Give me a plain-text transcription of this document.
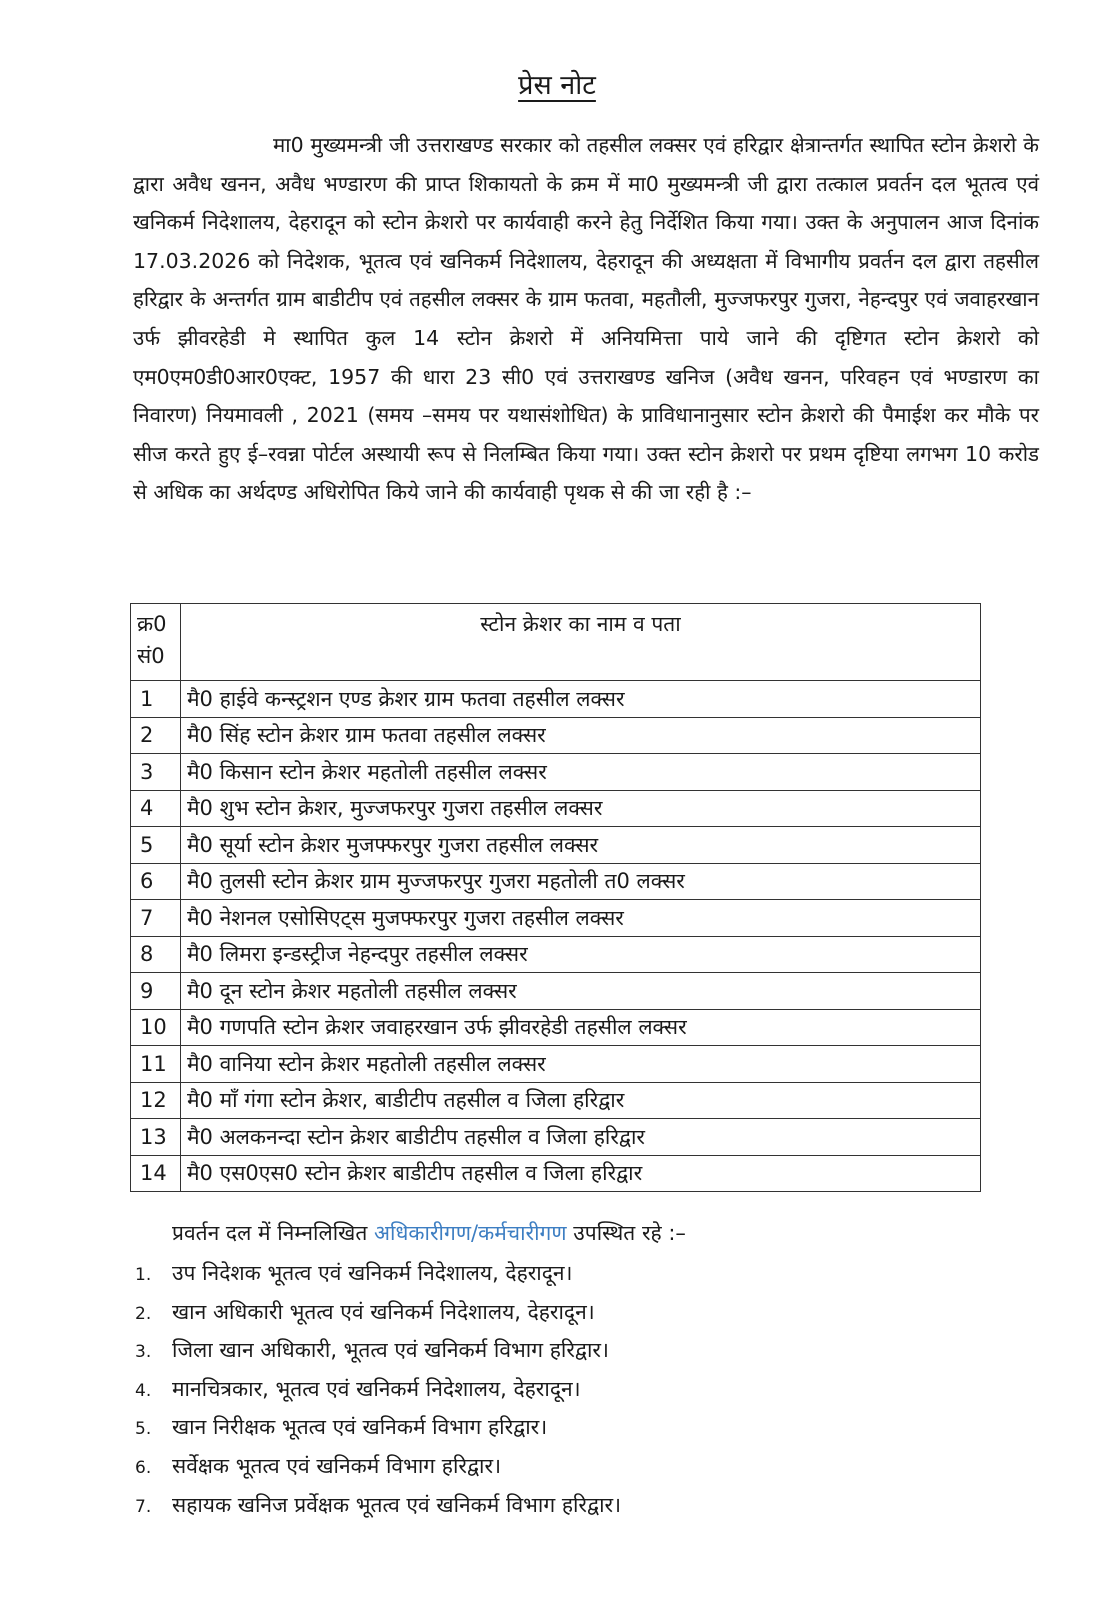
प्रेस नोट

मा0 मुख्यमन्त्री जी उत्तराखण्ड सरकार को तहसील लक्सर एवं हरिद्वार क्षेत्रान्तर्गत स्थापित स्टोन क्रेशरो के द्वारा अवैध खनन, अवैध भण्डारण की प्राप्त शिकायतो के क्रम में मा0 मुख्यमन्त्री जी द्वारा तत्काल प्रवर्तन दल भूतत्व एवं खनिकर्म निदेशालय, देहरादून को स्टोन क्रेशरो पर कार्यवाही करने हेतु निर्देशित किया गया। उक्त के अनुपालन आज दिनांक 17.03.2026 को निदेशक, भूतत्व एवं खनिकर्म निदेशालय, देहरादून की अध्यक्षता में विभागीय प्रवर्तन दल द्वारा तहसील हरिद्वार के अन्तर्गत ग्राम बाडीटीप एवं तहसील लक्सर के ग्राम फतवा, महतौली, मुज्जफरपुर गुजरा, नेहन्दपुर एवं जवाहरखान उर्फ झीवरहेडी मे स्थापित कुल 14 स्टोन क्रेशरो में अनियमित्ता पाये जाने की दृष्टिगत स्टोन क्रेशरो को एम0एम0डी0आर0एक्ट, 1957 की धारा 23 सी0 एवं उत्तराखण्ड खनिज (अवैध खनन, परिवहन एवं भण्डारण का निवारण) नियमावली , 2021 (समय –समय पर यथासंशोधित) के प्राविधानानुसार स्टोन क्रेशरो की पैमाईश कर मौके पर सीज करते हुए ई–रवन्ना पोर्टल अस्थायी रूप से निलम्बित किया गया। उक्त स्टोन क्रेशरो पर प्रथम दृष्टिया लगभग 10 करोड से अधिक का अर्थदण्ड अधिरोपित किये जाने की कार्यवाही पृथक से की जा रही है :–

क्र0 सं0	स्टोन क्रेशर का नाम व पता
1	मै0 हाईवे कन्स्ट्रशन एण्ड क्रेशर ग्राम फतवा तहसील लक्सर
2	मै0 सिंह स्टोन क्रेशर ग्राम फतवा तहसील लक्सर
3	मै0 किसान स्टोन क्रेशर महतोली तहसील लक्सर
4	मै0 शुभ स्टोन क्रेशर, मुज्जफरपुर गुजरा तहसील लक्सर
5	मै0 सूर्या स्टोन क्रेशर मुजफ्फरपुर गुजरा तहसील लक्सर
6	मै0 तुलसी स्टोन क्रेशर ग्राम मुज्जफरपुर गुजरा महतोली त0 लक्सर
7	मै0 नेशनल एसोसिएट्स मुजफ्फरपुर गुजरा तहसील लक्सर
8	मै0 लिमरा इन्डस्ट्रीज नेहन्दपुर तहसील लक्सर
9	मै0 दून स्टोन क्रेशर महतोली तहसील लक्सर
10	मै0 गणपति स्टोन क्रेशर जवाहरखान उर्फ झीवरहेडी तहसील लक्सर
11	मै0 वानिया स्टोन क्रेशर महतोली तहसील लक्सर
12	मै0 माँ गंगा स्टोन क्रेशर, बाडीटीप तहसील व जिला हरिद्वार
13	मै0 अलकनन्दा स्टोन क्रेशर बाडीटीप तहसील व जिला हरिद्वार
14	मै0 एस0एस0 स्टोन क्रेशर बाडीटीप तहसील व जिला हरिद्वार
प्रवर्तन दल में निम्नलिखित अधिकारीगण/कर्मचारीगण उपस्थित रहे :–
1. उप निदेशक भूतत्व एवं खनिकर्म निदेशालय, देहरादून।
2. खान अधिकारी भूतत्व एवं खनिकर्म निदेशालय, देहरादून।
3. जिला खान अधिकारी, भूतत्व एवं खनिकर्म विभाग हरिद्वार।
4. मानचित्रकार, भूतत्व एवं खनिकर्म निदेशालय, देहरादून।
5. खान निरीक्षक भूतत्व एवं खनिकर्म विभाग हरिद्वार।
6. सर्वेक्षक भूतत्व एवं खनिकर्म विभाग हरिद्वार।
7. सहायक खनिज प्रर्वेक्षक भूतत्व एवं खनिकर्म विभाग हरिद्वार।
